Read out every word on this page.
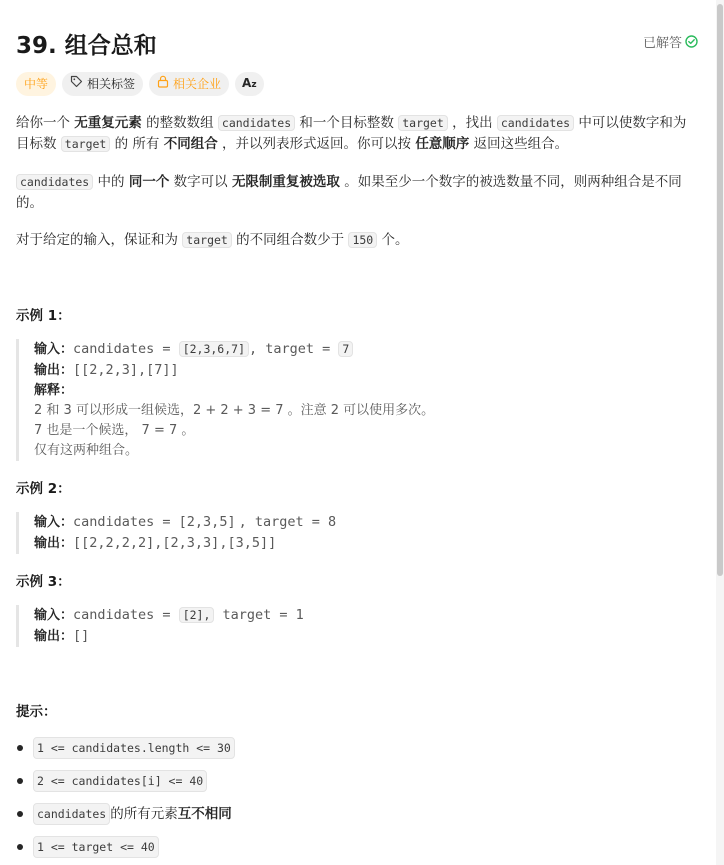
39. 组合总和	已解答
中等	相关标签	相关企业 Az
给你一个 无重复元素 的整数数组 candidates 和一个目标整数 target ，找出 candidates 中可以使数字和为目标数 target 的 所有 不同组合 ，并以列表形式返回。你可以按 任意顺序 返回这些组合。
candidates 中的 同一个 数字可以 无限制重复被选取 。如果至少一个数字的被选数量不同，则两种组合是不同的。
对于给定的输入，保证和为 target 的不同组合数少于 150 个。
示例 1：
输入：candidates = [2,3,6,7] , target = 7
输出：[[2,2,3],[7]]
解释：
2 和 3 可以形成一组候选，2 + 2 + 3 = 7 。注意 2 可以使用多次。
7 也是一个候选， 7 = 7 。
仅有这两种组合。
示例 2：
输入：candidates = [2,3,5] , target = 8
输出：[[2,2,2,2],[2,3,3],[3,5]]
示例 3：
输入：candidates = [2], target = 1
输出：[]
提示：
1 <= candidates.length <= 30
2 <= candidates[i] <= 40
candidates 的所有元素 互不相同
1 <= target <= 40
